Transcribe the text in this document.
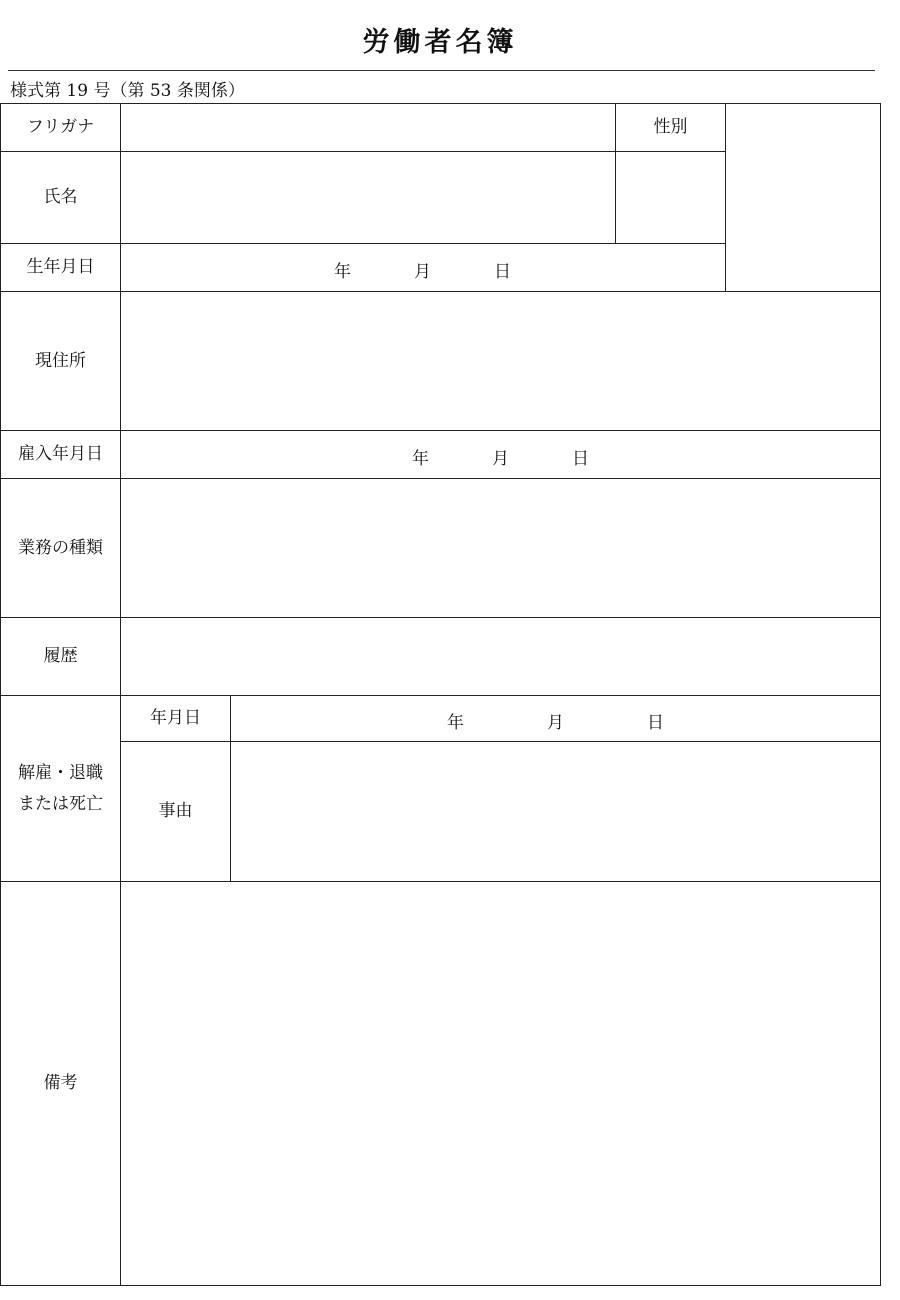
労働者名簿
様式第 19 号（第 53 条関係）
フリガナ	性別
氏名
生年月日	年	月	日
現住所
雇入年月日	年	月	日
業務の種類
履歴
解雇・退職
または死亡
年月日	年	月	日
事由
備考
